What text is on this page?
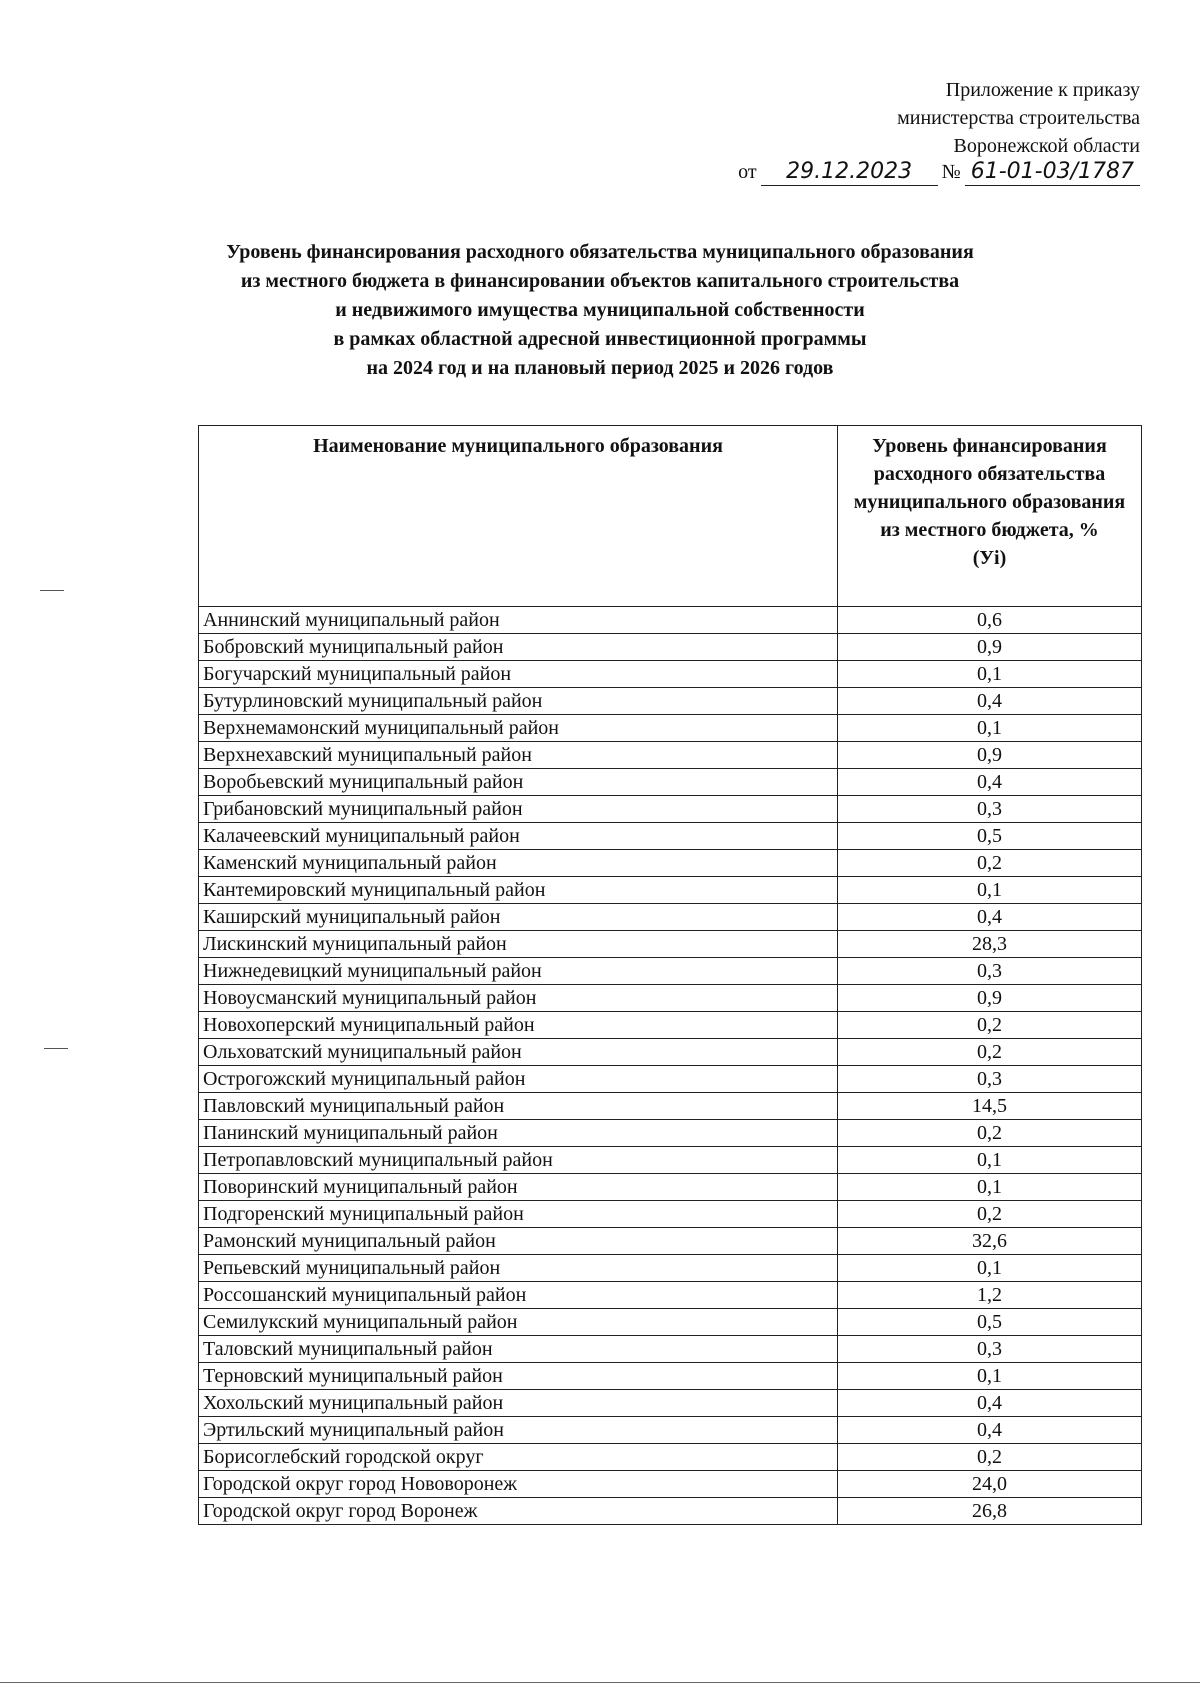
Приложение к приказу
министерства строительства
Воронежской области
от	29.12.2023	№ 61-01-03/1787
Уровень финансирования расходного обязательства муниципального образования
из местного бюджета в финансировании объектов капитального строительства
и недвижимого имущества муниципальной собственности
в рамках областной адресной инвестиционной программы
на 2024 год и на плановый период 2025 и 2026 годов
Наименование муниципального образования	Уровень финансирования расходного обязательства муниципального образования из местного бюджета, %
(Уi)

Аннинский муниципальный район	0,6
Бобровский муниципальный район	0,9
Богучарский муниципальный район	0,1
Бутурлиновский муниципальный район	0,4
Верхнемамонский муниципальный район	0,1
Верхнехавский муниципальный район	0,9
Воробьевский муниципальный район	0,4
Грибановский муниципальный район	0,3
Калачеевский муниципальный район	0,5
Каменский муниципальный район	0,2
Кантемировский муниципальный район	0,1
Каширский муниципальный район	0,4
Лискинский муниципальный район	28,3
Нижнедевицкий муниципальный район	0,3
Новоусманский муниципальный район	0,9
Новохоперский муниципальный район	0,2
Ольховатский муниципальный район	0,2
Острогожский муниципальный район	0,3
Павловский муниципальный район	14,5
Панинский муниципальный район	0,2
Петропавловский муниципальный район	0,1
Поворинский муниципальный район	0,1
Подгоренский муниципальный район	0,2
Рамонский муниципальный район	32,6
Репьевский муниципальный район	0,1
Россошанский муниципальный район	1,2
Семилукский муниципальный район	0,5
Таловский муниципальный район	0,3
Терновский муниципальный район	0,1
Хохольский муниципальный район	0,4
Эртильский муниципальный район	0,4
Борисоглебский городской округ	0,2
Городской округ город Нововоронеж	24,0
Городской округ город Воронеж	26,8
